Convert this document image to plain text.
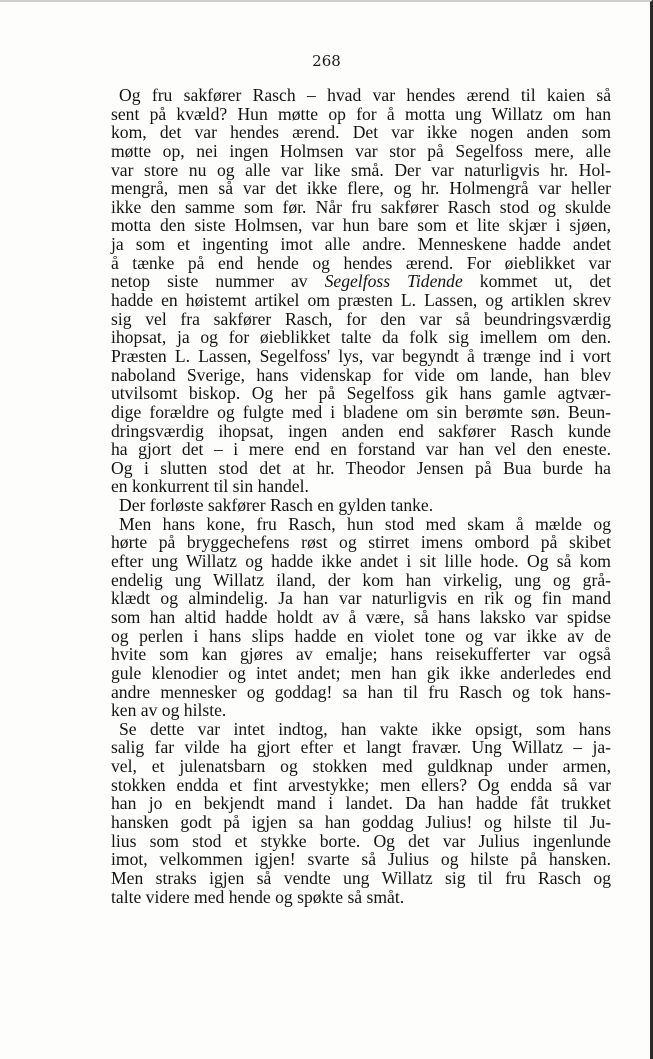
268
Og fru sakfører Rasch – hvad var hendes ærend til kaien så
sent på kvæld? Hun møtte op for å motta ung Willatz om han
kom, det var hendes ærend. Det var ikke nogen anden som
møtte op, nei ingen Holmsen var stor på Segelfoss mere, alle
var store nu og alle var like små. Der var naturligvis hr. Hol-
mengrå, men så var det ikke flere, og hr. Holmengrå var heller
ikke den samme som før. Når fru sakfører Rasch stod og skulde
motta den siste Holmsen, var hun bare som et lite skjær i sjøen,
ja som et ingenting imot alle andre. Menneskene hadde andet
å tænke på end hende og hendes ærend. For øieblikket var
netop siste nummer av Segelfoss Tidende kommet ut, det
hadde en høistemt artikel om præsten L. Lassen, og artiklen skrev
sig vel fra sakfører Rasch, for den var så beundringsværdig
ihopsat, ja og for øieblikket talte da folk sig imellem om den.
Præsten L. Lassen, Segelfoss' lys, var begyndt å trænge ind i vort
naboland Sverige, hans videnskap for vide om lande, han blev
utvilsomt biskop. Og her på Segelfoss gik hans gamle agtvær-
dige forældre og fulgte med i bladene om sin berømte søn. Beun-
dringsværdig ihopsat, ingen anden end sakfører Rasch kunde
ha gjort det – i mere end en forstand var han vel den eneste.
Og i slutten stod det at hr. Theodor Jensen på Bua burde ha
en konkurrent til sin handel.
Der forløste sakfører Rasch en gylden tanke.
Men hans kone, fru Rasch, hun stod med skam å mælde og
hørte på bryggechefens røst og stirret imens ombord på skibet
efter ung Willatz og hadde ikke andet i sit lille hode. Og så kom
endelig ung Willatz iland, der kom han virkelig, ung og grå-
klædt og almindelig. Ja han var naturligvis en rik og fin mand
som han altid hadde holdt av å være, så hans laksko var spidse
og perlen i hans slips hadde en violet tone og var ikke av de
hvite som kan gjøres av emalje; hans reisekufferter var også
gule klenodier og intet andet; men han gik ikke anderledes end
andre mennesker og goddag! sa han til fru Rasch og tok hans-
ken av og hilste.
Se dette var intet indtog, han vakte ikke opsigt, som hans
salig far vilde ha gjort efter et langt fravær. Ung Willatz – ja-
vel, et julenatsbarn og stokken med guldknap under armen,
stokken endda et fint arvestykke; men ellers? Og endda så var
han jo en bekjendt mand i landet. Da han hadde fåt trukket
hansken godt på igjen sa han goddag Julius! og hilste til Ju-
lius som stod et stykke borte. Og det var Julius ingenlunde
imot, velkommen igjen! svarte så Julius og hilste på hansken.
Men straks igjen så vendte ung Willatz sig til fru Rasch og
talte videre med hende og spøkte så småt.
